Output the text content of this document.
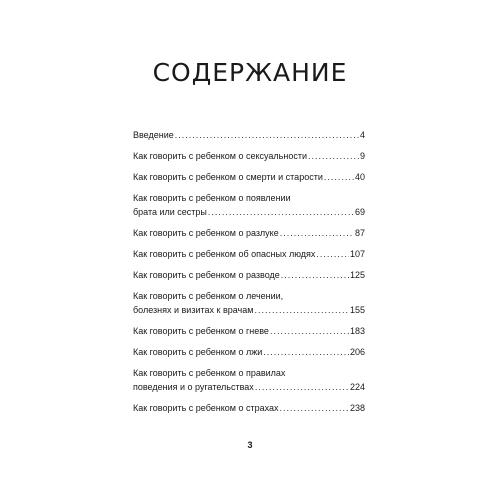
СОДЕРЖАНИЕ
Введение .....	4
Как говорить с ребенком о сексуальности .....	9
Как говорить с ребенком о смерти и старости .....	40
Как говорить с ребенком о появлении
брата или сестры .....	69
Как говорить с ребенком о разлуке .....	87
Как говорить с ребенком об опасных людях .....	107
Как говорить с ребенком о разводе .....	125
Как говорить с ребенком о лечении,
болезнях и визитах к врачам .....	155
Как говорить с ребенком о гневе .....	183
Как говорить с ребенком о лжи .....	206
Как говорить с ребенком о правилах
поведения и о ругательствах .....	224
Как говорить с ребенком о страхах .....	238
3
